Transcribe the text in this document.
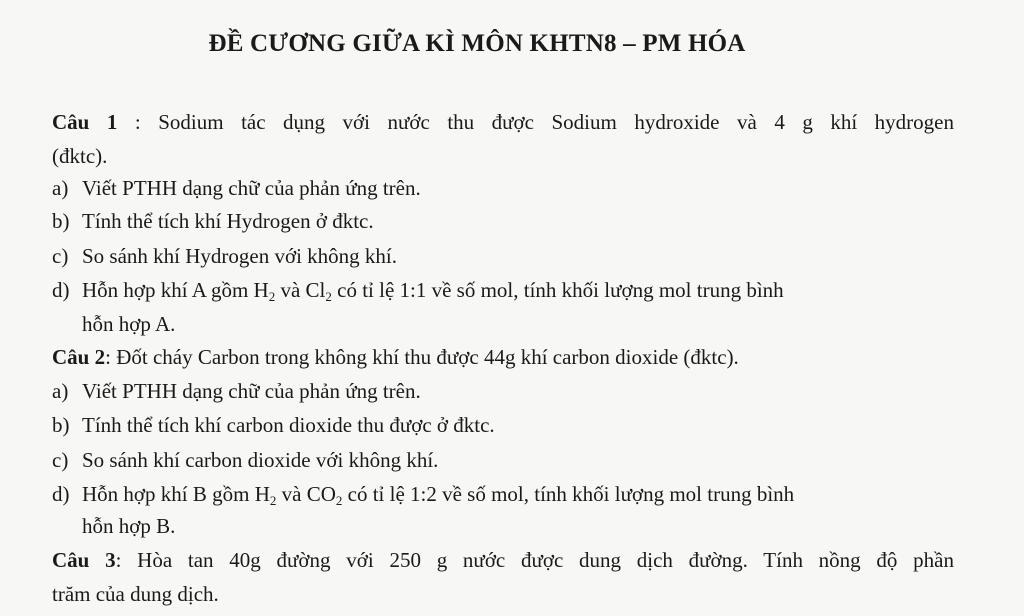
ĐỀ CƯƠNG GIỮA KÌ MÔN KHTN8 – PM HÓA
Câu 1 : Sodium tác dụng với nước thu được Sodium hydroxide và 4 g khí hydrogen
(đktc).
a) Viết PTHH dạng chữ của phản ứng trên.
b) Tính thể tích khí Hydrogen ở đktc.
c) So sánh khí Hydrogen với không khí.
d) Hỗn hợp khí A gồm $H_2$ và $Cl_2$ có tỉ lệ 1:1 về số mol, tính khối lượng mol trung bình
hỗn hợp A.
Câu 2: Đốt cháy Carbon trong không khí thu được 44g khí carbon dioxide (đktc).
a) Viết PTHH dạng chữ của phản ứng trên.
b) Tính thể tích khí carbon dioxide thu được ở đktc.
c) So sánh khí carbon dioxide với không khí.
d) Hỗn hợp khí B gồm $H_2$ và $CO_2$ có tỉ lệ 1:2 về số mol, tính khối lượng mol trung bình
hỗn hợp B.
Câu 3: Hòa tan 40g đường với 250 g nước được dung dịch đường. Tính nồng độ phần
trăm của dung dịch.
